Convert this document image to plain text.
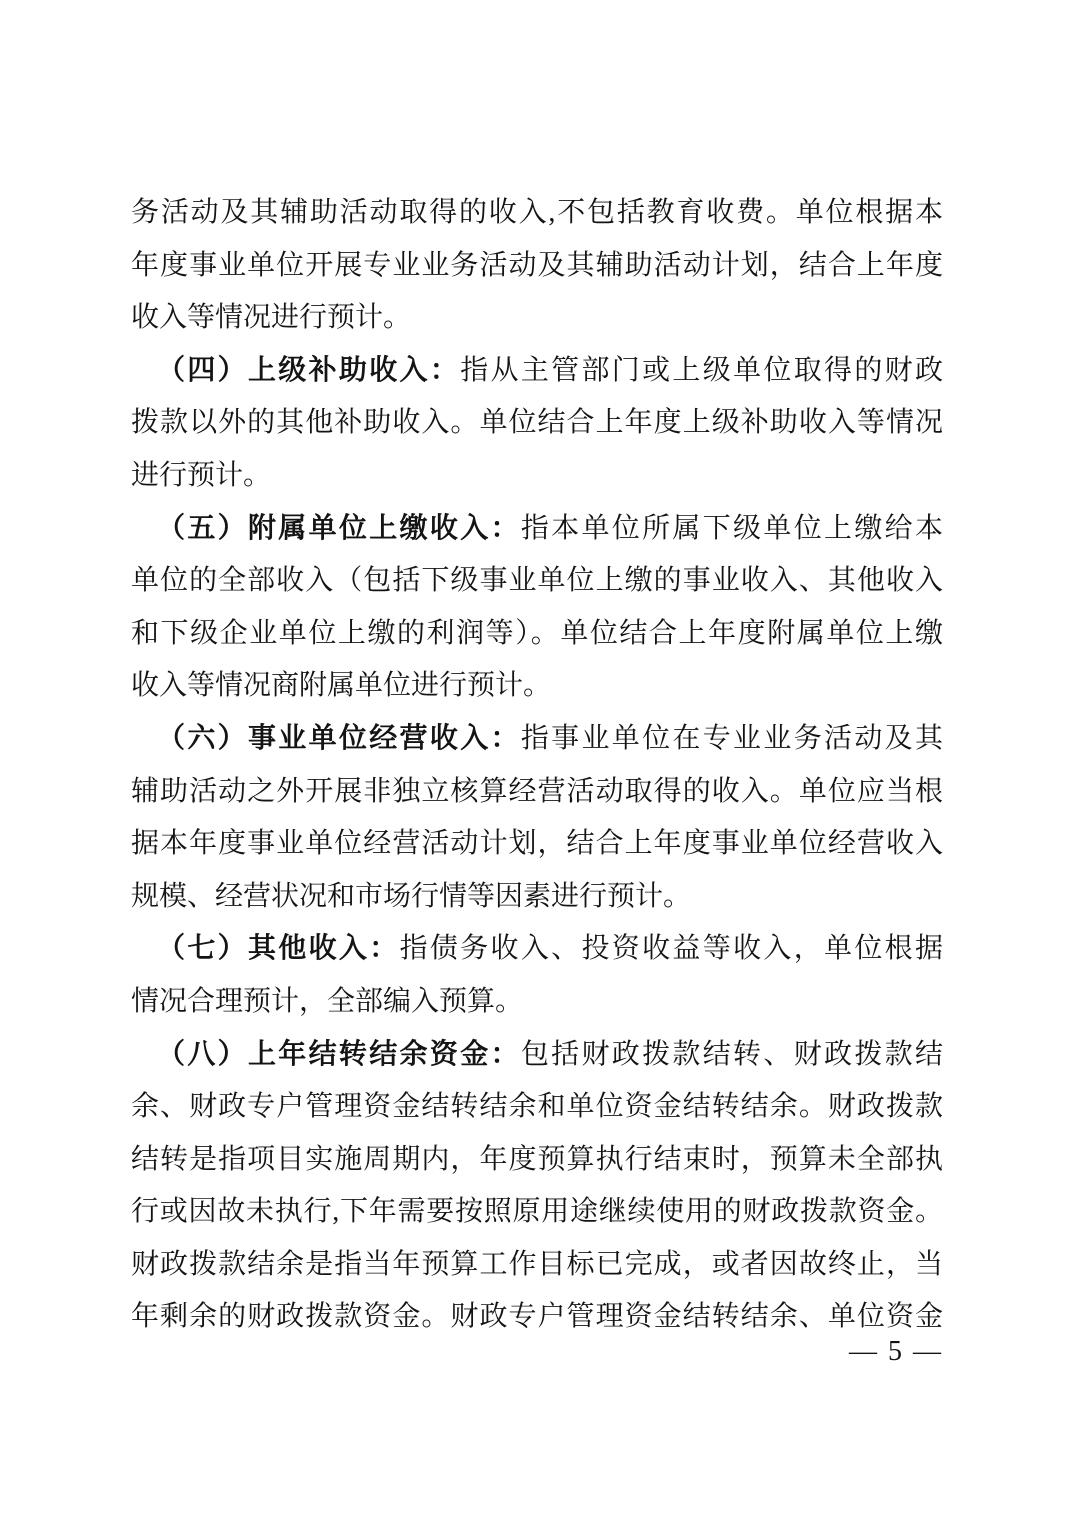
务活动及其辅助活动取得的收入,不包括教育收费。单位根据本
年度事业单位开展专业业务活动及其辅助活动计划，结合上年度
收入等情况进行预计。
（四）上级补助收入：指从主管部门或上级单位取得的财政
拨款以外的其他补助收入。单位结合上年度上级补助收入等情况
进行预计。
（五）附属单位上缴收入：指本单位所属下级单位上缴给本
单位的全部收入（包括下级事业单位上缴的事业收入、其他收入
和下级企业单位上缴的利润等）。单位结合上年度附属单位上缴
收入等情况商附属单位进行预计。
（六）事业单位经营收入：指事业单位在专业业务活动及其
辅助活动之外开展非独立核算经营活动取得的收入。单位应当根
据本年度事业单位经营活动计划，结合上年度事业单位经营收入
规模、经营状况和市场行情等因素进行预计。
（七）其他收入：指债务收入、投资收益等收入，单位根据
情况合理预计，全部编入预算。
（八）上年结转结余资金：包括财政拨款结转、财政拨款结
余、财政专户管理资金结转结余和单位资金结转结余。财政拨款
结转是指项目实施周期内，年度预算执行结束时，预算未全部执
行或因故未执行,下年需要按照原用途继续使用的财政拨款资金。
财政拨款结余是指当年预算工作目标已完成，或者因故终止，当
年剩余的财政拨款资金。财政专户管理资金结转结余、单位资金
— 5 —
